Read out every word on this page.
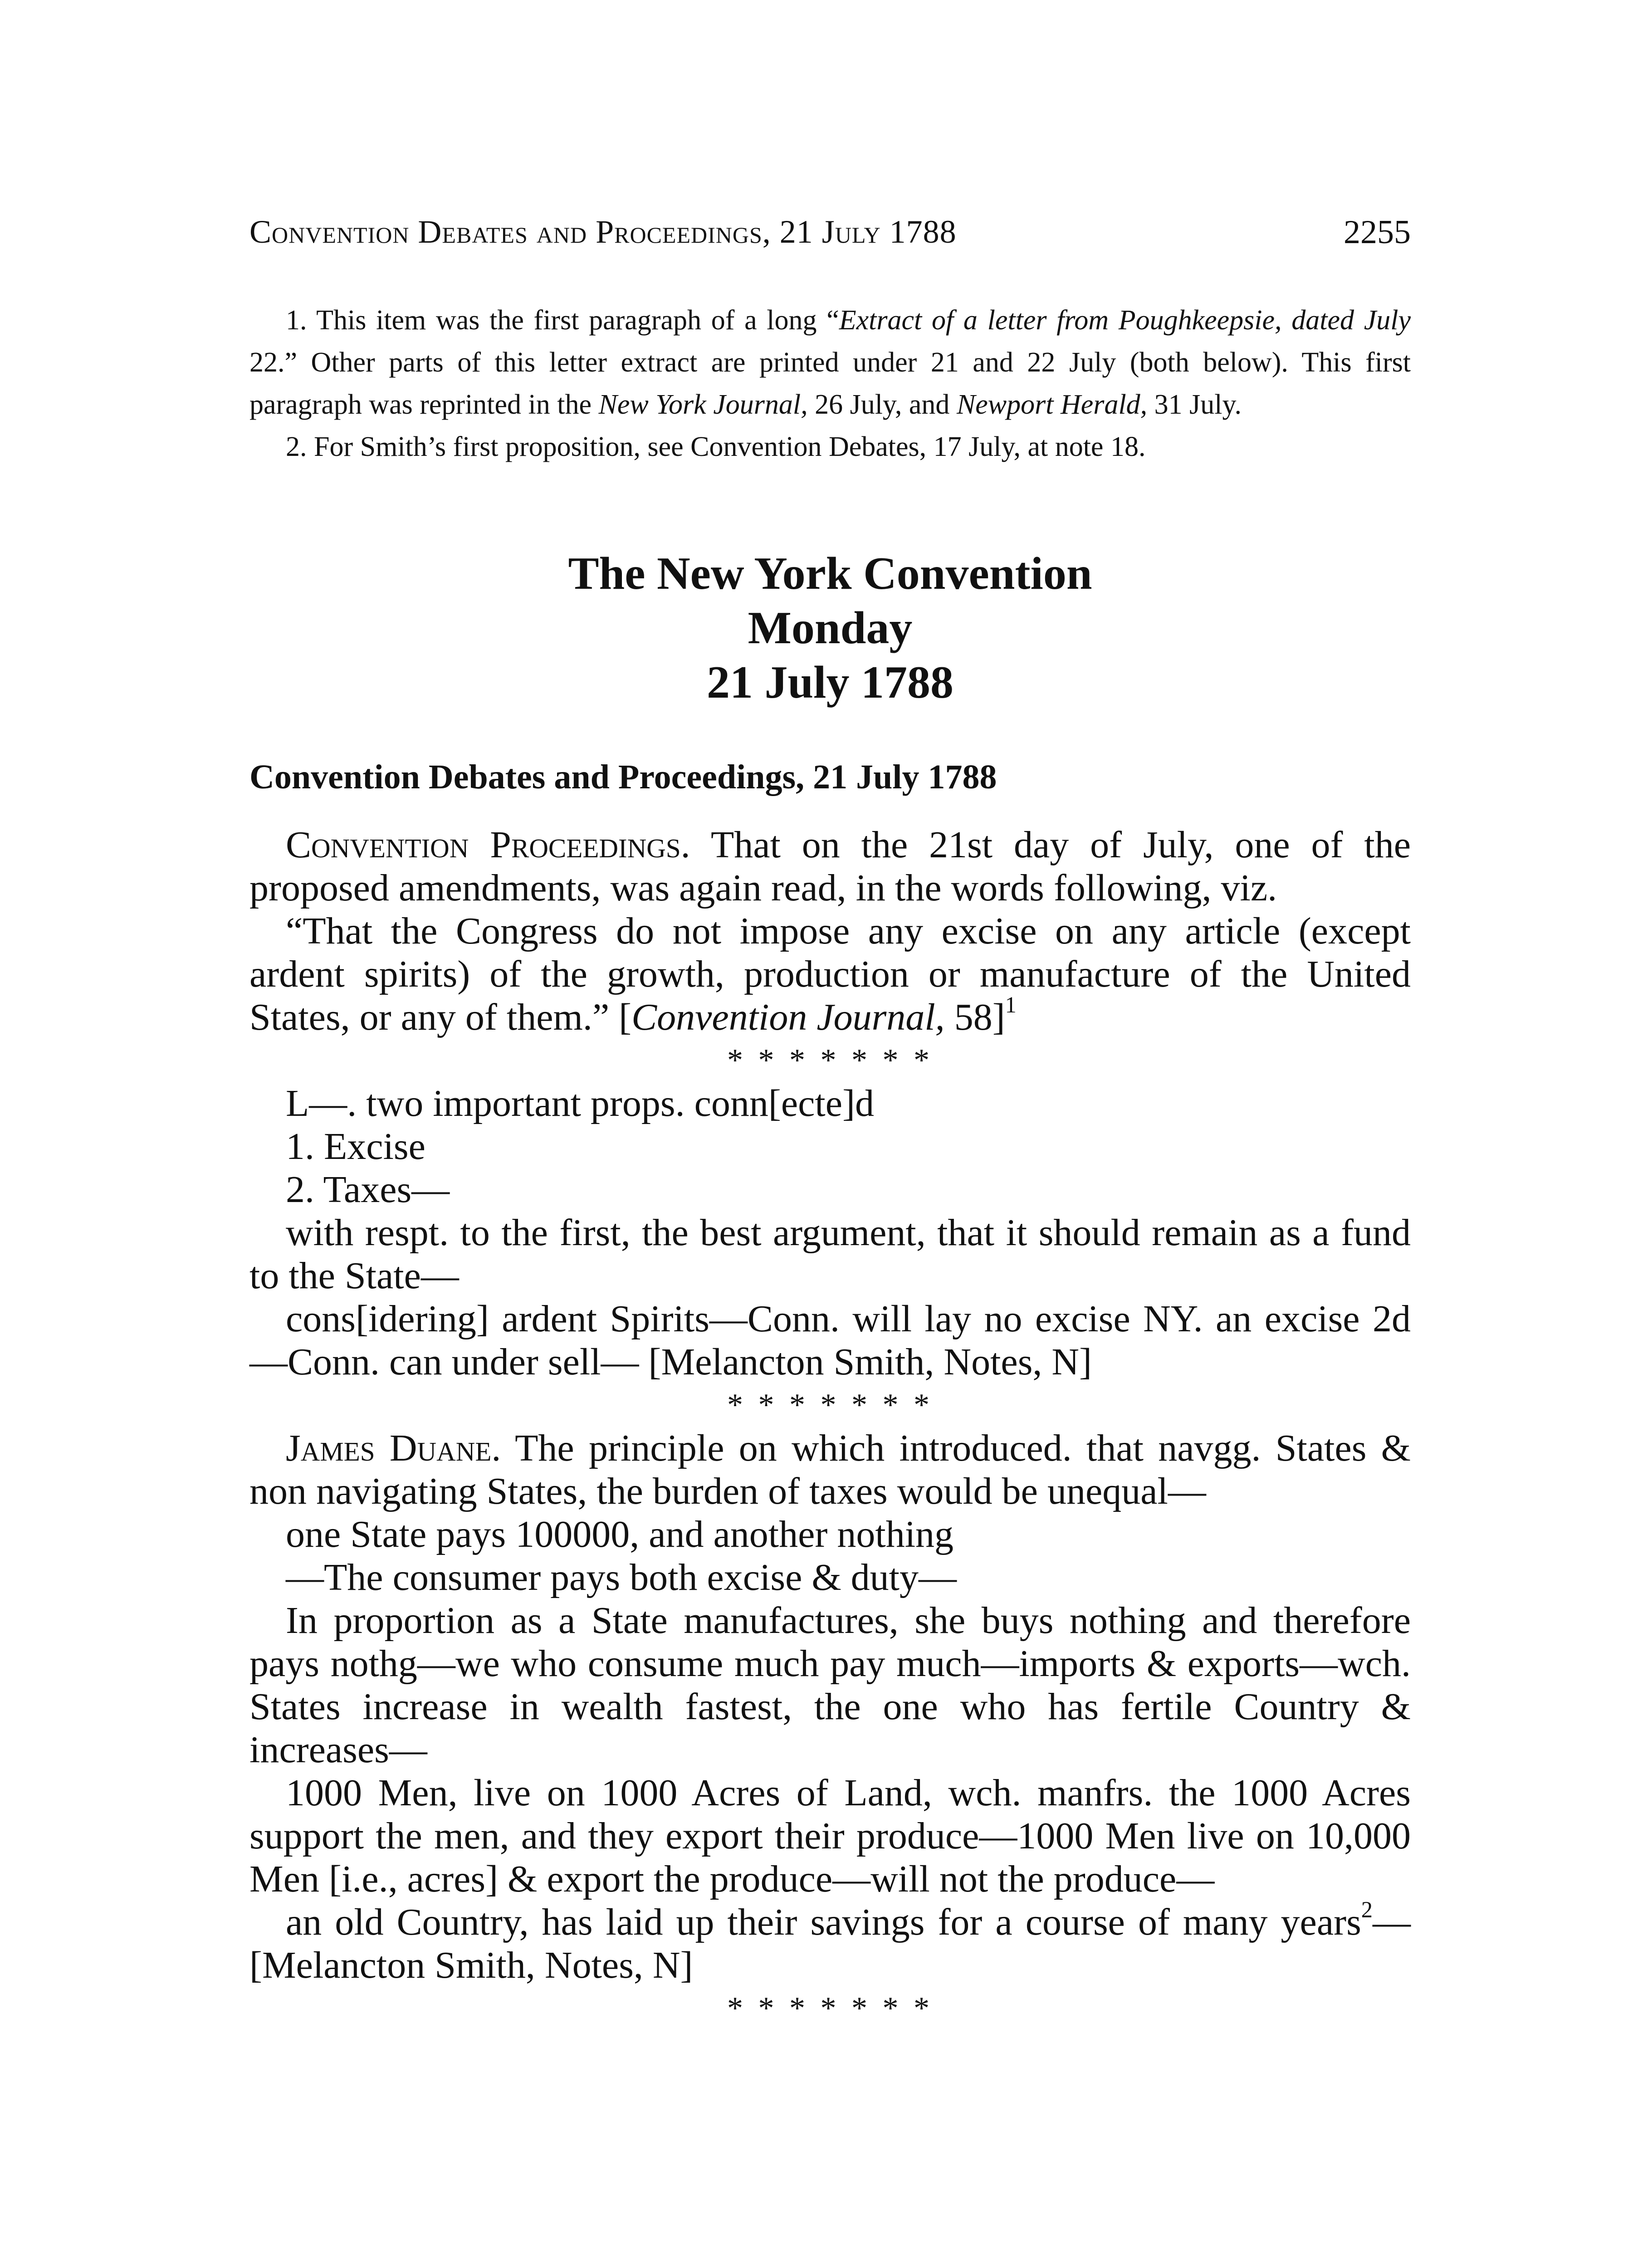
Convention Debates and Proceedings, 21 July 1788	2255

1. This item was the first paragraph of a long “Extract of a letter from Poughkeepsie, dated July 22.” Other parts of this letter extract are printed under 21 and 22 July (both below). This first paragraph was reprinted in the New York Journal, 26 July, and Newport Herald, 31 July.

2. For Smith’s first proposition, see Convention Debates, 17 July, at note 18.

The New York Convention
Monday
21 July 1788
Convention Debates and Proceedings, 21 July 1788

Convention Proceedings. That on the 21st day of July, one of the proposed amendments, was again read, in the words following, viz.

“That the Congress do not impose any excise on any article (except ardent spirits) of the growth, production or manufacture of the United States, or any of them.” [Convention Journal, 58]$^1$

* * * * * * *

L—. two important props. conn[ecte]d

1. Excise

2. Taxes—

with respt. to the first, the best argument, that it should remain as a fund to the State—

cons[idering] ardent Spirits—Conn. will lay no excise NY. an excise 2d—Conn. can under sell— [Melancton Smith, Notes, N]

* * * * * * *

James Duane. The principle on which introduced. that navgg. States & non navigating States, the burden of taxes would be unequal—

one State pays 100000, and another nothing

—The consumer pays both excise & duty—

In proportion as a State manufactures, she buys nothing and therefore pays nothg—we who consume much pay much—imports & exports—wch. States increase in wealth fastest, the one who has fertile Country & increases—

1000 Men, live on 1000 Acres of Land, wch. manfrs. the 1000 Acres support the men, and they export their produce—1000 Men live on 10,000 Men [i.e., acres] & export the produce—will not the produce—

an old Country, has laid up their savings for a course of many years$^2$— [Melancton Smith, Notes, N]

* * * * * * *
